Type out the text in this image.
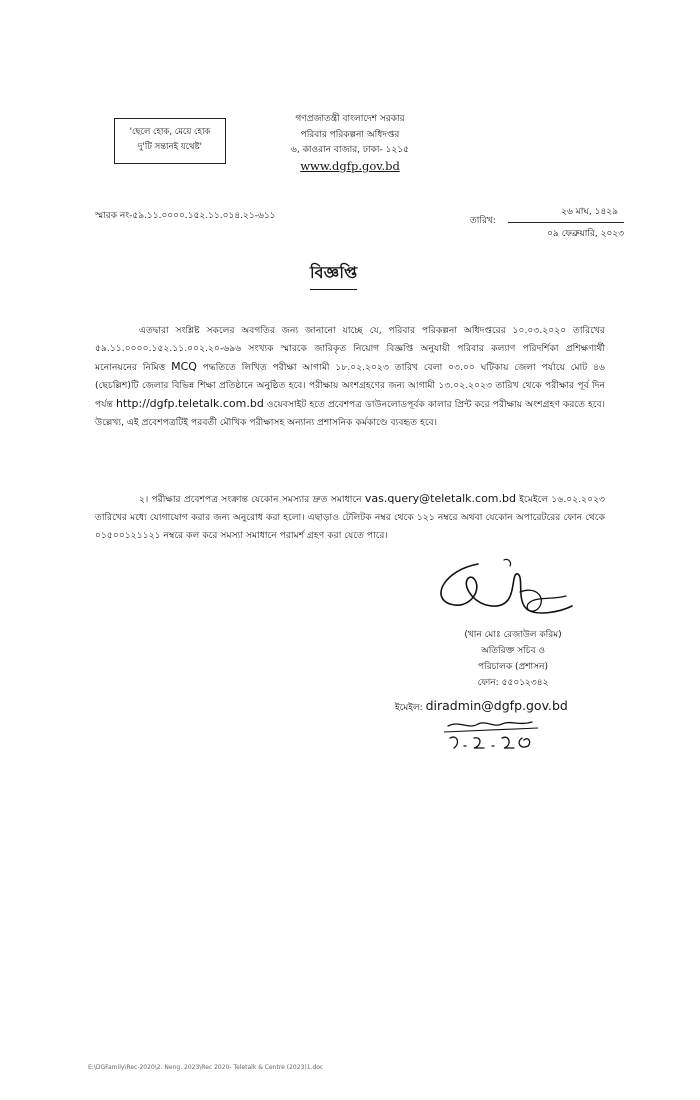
'ছেলে হোক, মেয়ে হোক
দু'টি সন্তানই যথেষ্ট'
গণপ্রজাতন্ত্রী বাংলাদেশ সরকার
পরিবার পরিকল্পনা অধিদপ্তর
৬, কাওরান বাজার, ঢাকা- ১২১৫
www.dgfp.gov.bd
স্মারক নং-৫৯.১১.০০০০.১৫২.১১.০১৪.২১-৬১১	তারিখ:
২৬ মাঘ, ১৪২৯
০৯ ফেব্রুয়ারি, ২০২৩
বিজ্ঞপ্তি
এতদ্বারা সংশ্লিষ্ট সকলের অবগতির জন্য জানানো যাচ্ছে যে, পরিবার পরিকল্পনা অধিদপ্তরের ১০.০৩.২০২০ তারিখের ৫৯.১১.০০০০.১৫২.১১.০০২.২০-৬৯৬ সংখ্যক স্মারকে জারিকৃত নিয়োগ বিজ্ঞপ্তি অনুযায়ী পরিবার কল্যাণ পরিদর্শিকা প্রশিক্ষণার্থী মনোনয়নের নিমিত্ত MCQ পদ্ধতিতে লিখিত পরীক্ষা আগামী ১৮.০২.২০২৩ তারিখ বেলা ০৩.০০ ঘটিকায় জেলা পর্যায়ে মোট ৪৬ (ছেচল্লিশ)টি জেলার বিভিন্ন শিক্ষা প্রতিষ্ঠানে অনুষ্ঠিত হবে। পরীক্ষায় অংশগ্রহণের জন্য আগামী ১৩.০২.২০২৩ তারিখ থেকে পরীক্ষার পূর্ব দিন পর্যন্ত http://dgfp.teletalk.com.bd ওয়েবসাইট হতে প্রবেশপত্র ডাউনলোডপূর্বক কালার প্রিন্ট করে পরীক্ষায় অংশগ্রহণ করতে হবে। উল্লেখ্য, এই প্রবেশপত্রটিই পরবর্তী মৌখিক পরীক্ষাসহ অন্যান্য প্রশাসনিক কর্মকাণ্ডে ব্যবহৃত হবে।
২। পরীক্ষার প্রবেশপত্র সংক্রান্ত যেকোন সমস্যার দ্রুত সমাধানে vas.query@teletalk.com.bd ইমেইলে ১৬.০২.২০২৩ তারিখের মধ্যে যোগাযোগ করার জন্য অনুরোধ করা হলো। এছাড়াও টেলিটক নম্বর থেকে ১২১ নম্বরে অথবা যেকোন অপারেটরের ফোন থেকে ০১৫০০১২১১২১ নম্বরে কল করে সমস্যা সমাধানে পরামর্শ গ্রহণ করা যেতে পারে।
(খান মোঃ রেজাউল করিম)
অতিরিক্ত সচিব ও
পরিচালক (প্রশাসন)
ফোন: ৫৫০১২৩৪২
ইমেইল: diradmin@dgfp.gov.bd
E:\DGFamily\Rec-2020\2. Neng. 2023\Rec 2020- Teletalk & Centre (2023)1.doc
